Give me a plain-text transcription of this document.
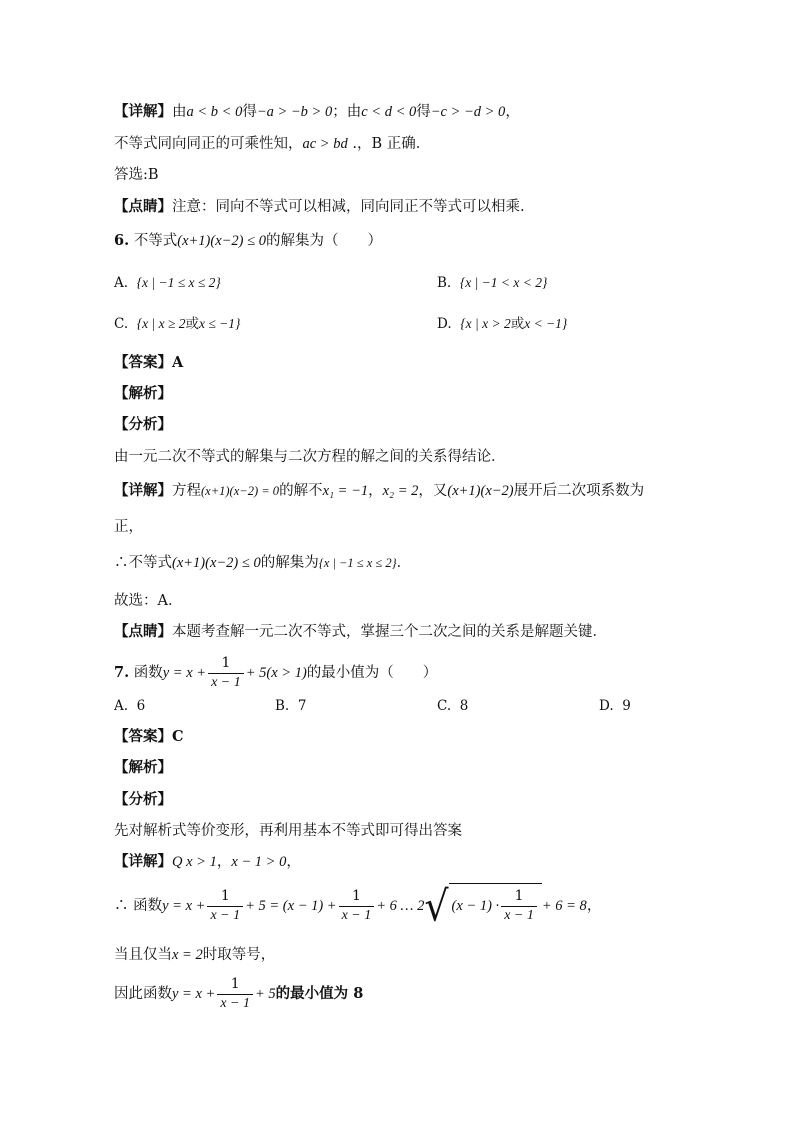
【详解】由a < b < 0得−a > −b > 0；由c < d < 0得−c > −d > 0，
不等式同向同正的可乘性知，ac > bd .，B 正确．
答选:B
【点睛】注意：同向不等式可以相减，同向同正不等式可以相乘.
6. 不等式(x+1)(x−2) ≤ 0的解集为（　　）
A. {x | −1 ≤ x ≤ 2}	B. {x | −1 < x < 2}
C. {x | x ≥ 2或x ≤ −1}	D. {x | x > 2或x < −1}
【答案】A
【解析】
【分析】
由一元二次不等式的解集与二次方程的解之间的关系得结论．
【详解】方程(x+1)(x−2) = 0的解不x₁ = −1，x₂ = 2，又(x+1)(x−2)展开后二次项系数为
正，
∴不等式(x+1)(x−2) ≤ 0的解集为{x | −1 ≤ x ≤ 2}．
故选：A．
【点睛】本题考查解一元二次不等式，掌握三个二次之间的关系是解题关键．
7. 函数$y = x + \frac{1}{x - 1} + 5(x > 1)$的最小值为（　　）
A. 6	B. 7	C. 8	D. 9
【答案】C
【解析】
【分析】
先对解析式等价变形，再利用基本不等式即可得出答案
【详解】Q x > 1，x − 1 > 0，
∴ 函数 $y = x + \frac{1}{x - 1} + 5 = (x - 1) + \frac{1}{x - 1} + 6$ … 2 √ $(x - 1) \cdot \frac{1}{x - 1} + 6 = 8$ ，
当且仅当x = 2时取等号，
因此函数 $y = x + \frac{1}{x - 1} + 5$ 的最小值为 8
